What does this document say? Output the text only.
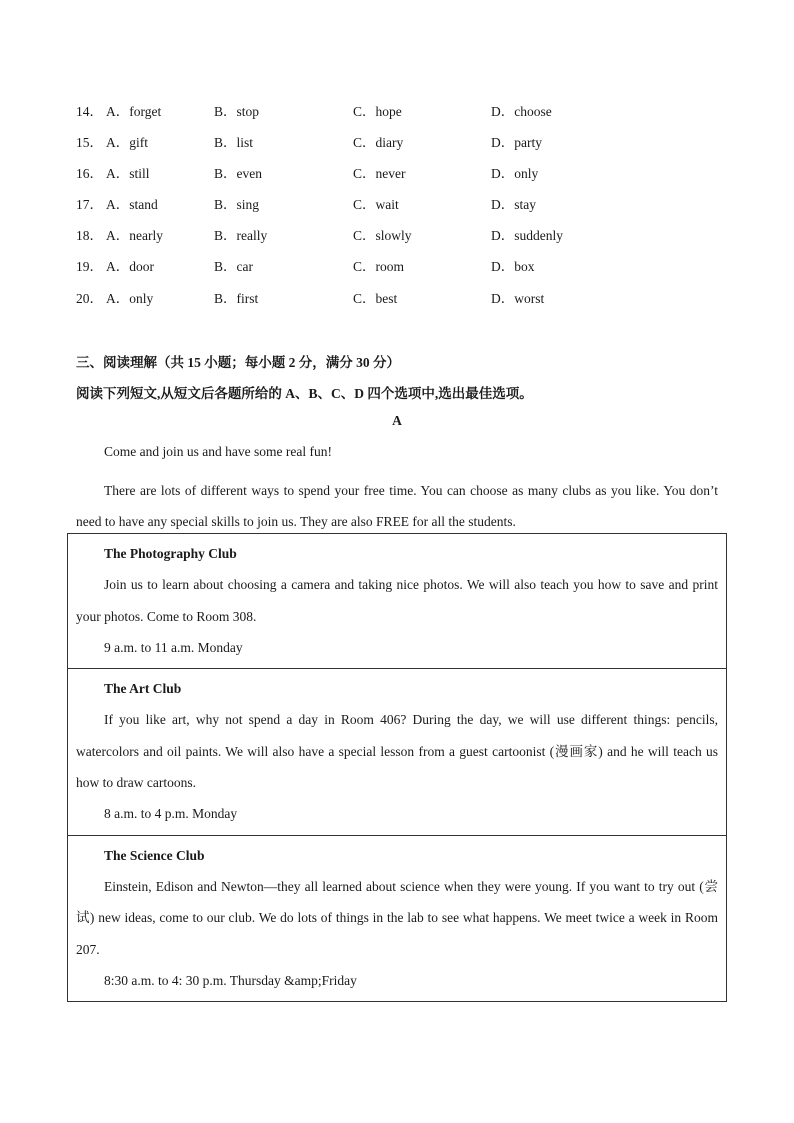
14． A．forget	B．stop	C．hope	D．choose
15． A．gift	B．list	C．diary	D．party
16． A．still	B．even	C．never	D．only
17． A．stand	B．sing	C．wait	D．stay
18． A．nearly	B．really	C．slowly	D．suddenly
19． A．door	B．car	C．room	D．box
20． A．only	B．first	C．best	D．worst
三、阅读理解（共 15 小题；每小题 2 分，满分 30 分）
阅读下列短文,从短文后各题所给的 A、B、C、D 四个选项中,选出最佳选项。
A
Come and join us and have some real fun!

There are lots of different ways to spend your free time. You can choose as many clubs as you like. You don’t need to have any special skills to join us. They are also FREE for all the students.

The Photography Club

Join us to learn about choosing a camera and taking nice photos. We will also teach you how to save and print your photos. Come to Room 308.

9 a.m. to 11 a.m. Monday

The Art Club

If you like art, why not spend a day in Room 406? During the day, we will use different things: pencils, watercolors and oil paints. We will also have a special lesson from a guest cartoonist (漫画家) and he will teach us how to draw cartoons.

8 a.m. to 4 p.m. Monday

The Science Club

Einstein, Edison and Newton—they all learned about science when they were young. If you want to try out (尝试) new ideas, come to our club. We do lots of things in the lab to see what happens. We meet twice a week in Room 207.

8:30 a.m. to 4: 30 p.m. Thursday &amp;Friday
